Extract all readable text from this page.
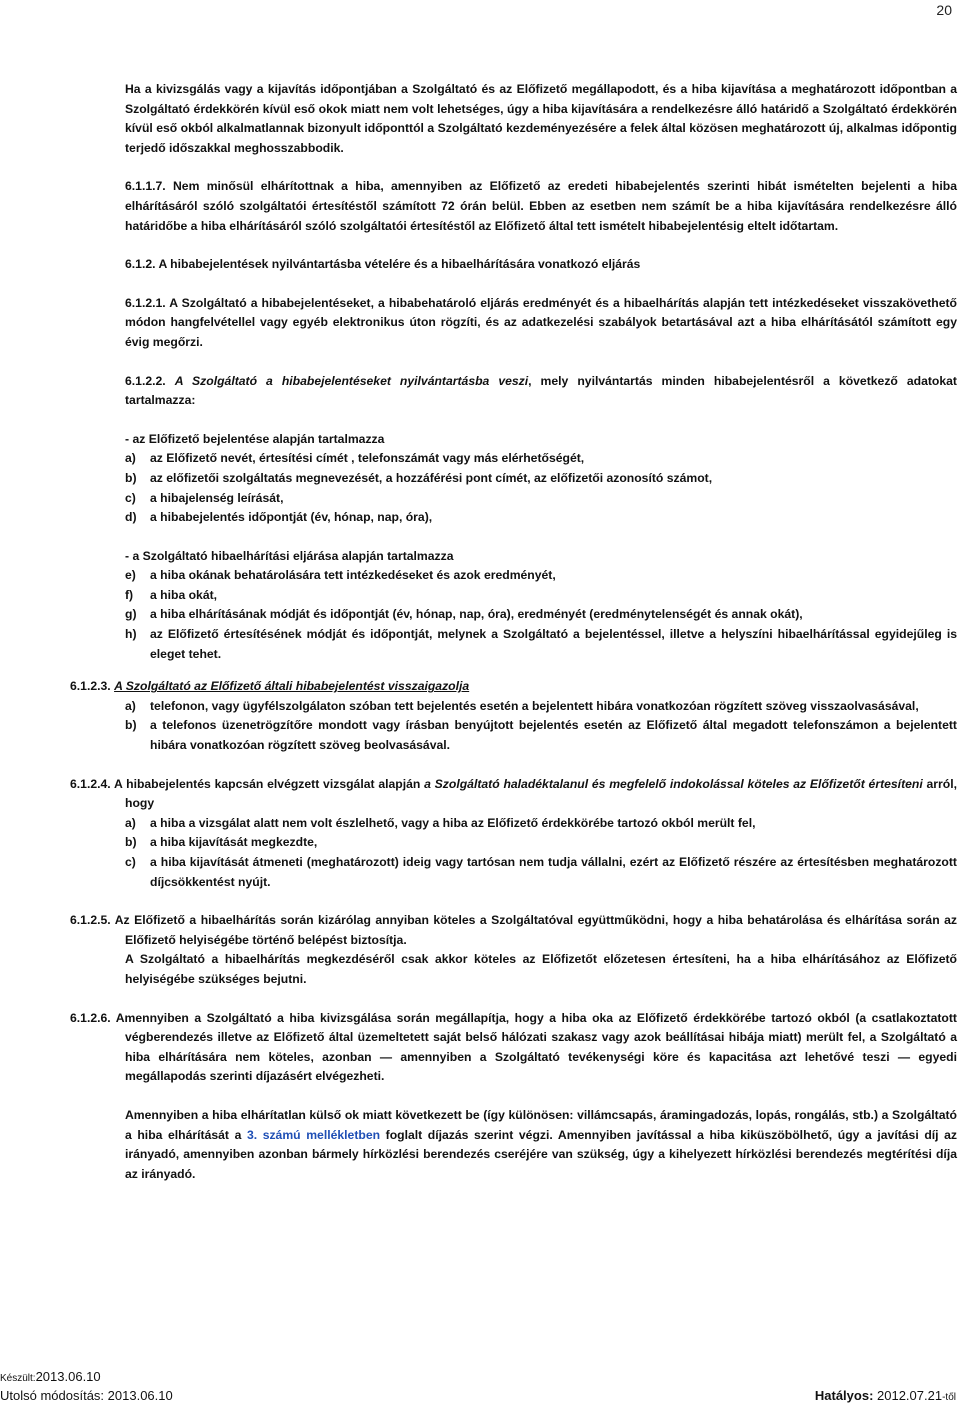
20

Ha a kivizsgálás vagy a kijavítás időpontjában a Szolgáltató és az Előfizető megállapodott, és a hiba kijavítása a meghatározott időpontban a Szolgáltató érdekkörén kívül eső okok miatt nem volt lehetséges, úgy a hiba kijavítására a rendelkezésre álló határidő a Szolgáltató érdekkörén kívül eső okból alkalmatlannak bizonyult időponttól a Szolgáltató kezdeményezésére a felek által közösen meghatározott új, alkalmas időpontig terjedő időszakkal meghosszabbodik.

6.1.1.7. Nem minősül elhárítottnak a hiba, amennyiben az Előfizető az eredeti hibabejelentés szerinti hibát ismételten bejelenti a hiba elhárításáról szóló szolgáltatói értesítéstől számított 72 órán belül. Ebben az esetben nem számít be a hiba kijavítására rendelkezésre álló határidőbe a hiba elhárításáról szóló szolgáltatói értesítéstől az Előfizető által tett ismételt hibabejelentésig eltelt időtartam.

6.1.2. A hibabejelentések nyilvántartásba vételére és a hibaelhárítására vonatkozó eljárás

6.1.2.1. A Szolgáltató a hibabejelentéseket, a hibabehatároló eljárás eredményét és a hibaelhárítás alapján tett intézkedéseket visszakövethető módon hangfelvétellel vagy egyéb elektronikus úton rögzíti, és az adatkezelési szabályok betartásával azt a hiba elhárításától számított egy évig megőrzi.

6.1.2.2. A Szolgáltató a hibabejelentéseket nyilvántartásba veszi, mely nyilvántartás minden hibabejelentésről a következő adatokat tartalmazza:

- az Előfizető bejelentése alapján tartalmazza

a) az Előfizető nevét, értesítési címét , telefonszámát vagy más elérhetőségét,
b) az előfizetői szolgáltatás megnevezését, a hozzáférési pont címét, az előfizetői azonosító számot,
c) a hibajelenség leírását,
d) a hibabejelentés időpontját (év, hónap, nap, óra),

- a Szolgáltató hibaelhárítási eljárása alapján tartalmazza

e) a hiba okának behatárolására tett intézkedéseket és azok eredményét,
f) a hiba okát,
g) a hiba elhárításának módját és időpontját (év, hónap, nap, óra), eredményét (eredménytelenségét és annak okát),
h) az Előfizető értesítésének módját és időpontját, melynek a Szolgáltató a bejelentéssel, illetve a helyszíni hibaelhárítással egyidejűleg is eleget tehet.

6.1.2.3. A Szolgáltató az Előfizető általi hibabejelentést visszaigazolja

a) telefonon, vagy ügyfélszolgálaton szóban tett bejelentés esetén a bejelentett hibára vonatkozóan rögzített szöveg visszaolvasásával,
b) a telefonos üzenetrögzítőre mondott vagy írásban benyújtott bejelentés esetén az Előfizető által megadott telefonszámon a bejelentett hibára vonatkozóan rögzített szöveg beolvasásával.

6.1.2.4. A hibabejelentés kapcsán elvégzett vizsgálat alapján a Szolgáltató haladéktalanul és megfelelő indokolással köteles az Előfizetőt értesíteni arról, hogy

a) a hiba a vizsgálat alatt nem volt észlelhető, vagy a hiba az Előfizető érdekkörébe tartozó okból merült fel,
b) a hiba kijavítását megkezdte,
c) a hiba kijavítását átmeneti (meghatározott) ideig vagy tartósan nem tudja vállalni, ezért az Előfizető részére az értesítésben meghatározott díjcsökkentést nyújt.

6.1.2.5. Az Előfizető a hibaelhárítás során kizárólag annyiban köteles a Szolgáltatóval együttműködni, hogy a hiba behatárolása és elhárítása során az Előfizető helyiségébe történő belépést biztosítja.

A Szolgáltató a hibaelhárítás megkezdéséről csak akkor köteles az Előfizetőt előzetesen értesíteni, ha a hiba elhárításához az Előfizető helyiségébe szükséges bejutni.

6.1.2.6. Amennyiben a Szolgáltató a hiba kivizsgálása során megállapítja, hogy a hiba oka az Előfizető érdekkörébe tartozó okból (a csatlakoztatott végberendezés illetve az Előfizető által üzemeltetett saját belső hálózati szakasz vagy azok beállításai hibája miatt) merült fel, a Szolgáltató a hiba elhárítására nem köteles, azonban — amennyiben a Szolgáltató tevékenységi köre és kapacitása azt lehetővé teszi — egyedi megállapodás szerinti díjazásért elvégezheti.

Amennyiben a hiba elhárítatlan külső ok miatt következett be (így különösen: villámcsapás, áramingadozás, lopás, rongálás, stb.) a Szolgáltató a hiba elhárítását a 3. számú mellékletben foglalt díjazás szerint végzi. Amennyiben javítással a hiba kiküszöbölhető, úgy a javítási díj az irányadó, amennyiben azonban bármely hírközlési berendezés cseréjére van szükség, úgy a kihelyezett hírközlési berendezés megtérítési díja az irányadó.

Készült:2013.06.10
Utolsó módosítás: 2013.06.10	Hatályos: 2012.07.21-től
